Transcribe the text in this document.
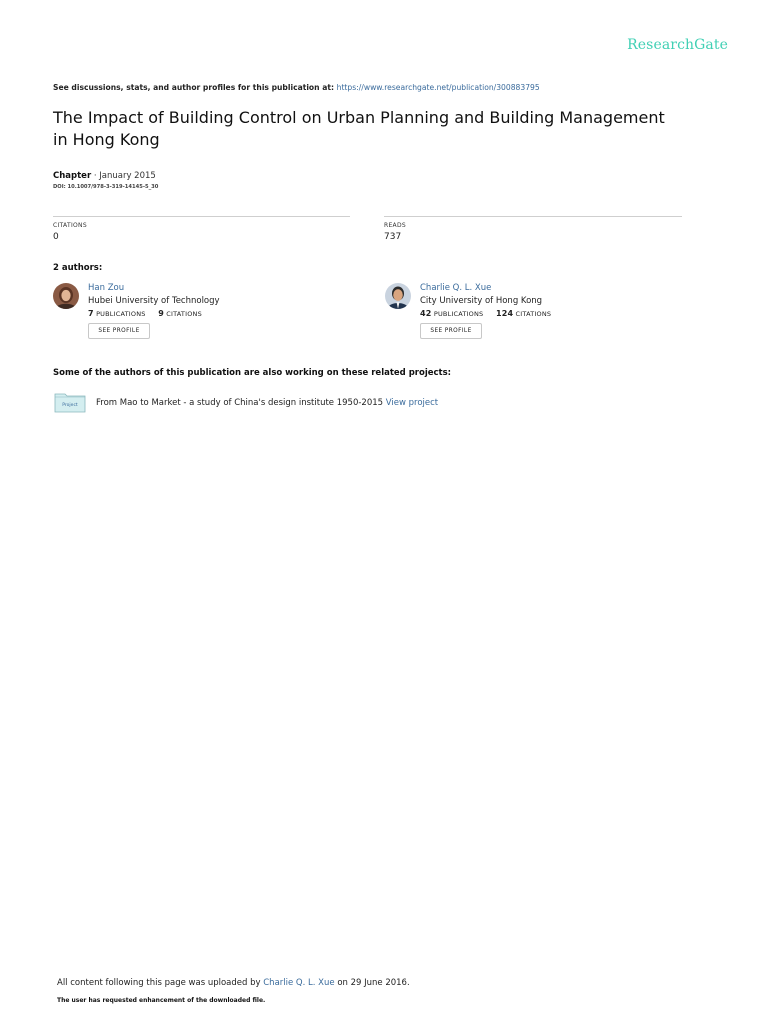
ResearchGate
See discussions, stats, and author profiles for this publication at: https://www.researchgate.net/publication/300883795
The Impact of Building Control on Urban Planning and Building Management in Hong Kong
Chapter · January 2015
DOI: 10.1007/978-3-319-14145-5_30
CITATIONS
0
READS
737
2 authors:
Han Zou
Hubei University of Technology
7 PUBLICATIONS 9 CITATIONS
SEE PROFILE
Charlie Q. L. Xue
City University of Hong Kong
42 PUBLICATIONS 124 CITATIONS
SEE PROFILE
Some of the authors of this publication are also working on these related projects:
Project From Mao to Market - a study of China's design institute 1950-2015 View project
All content following this page was uploaded by Charlie Q. L. Xue on 29 June 2016.
The user has requested enhancement of the downloaded file.
